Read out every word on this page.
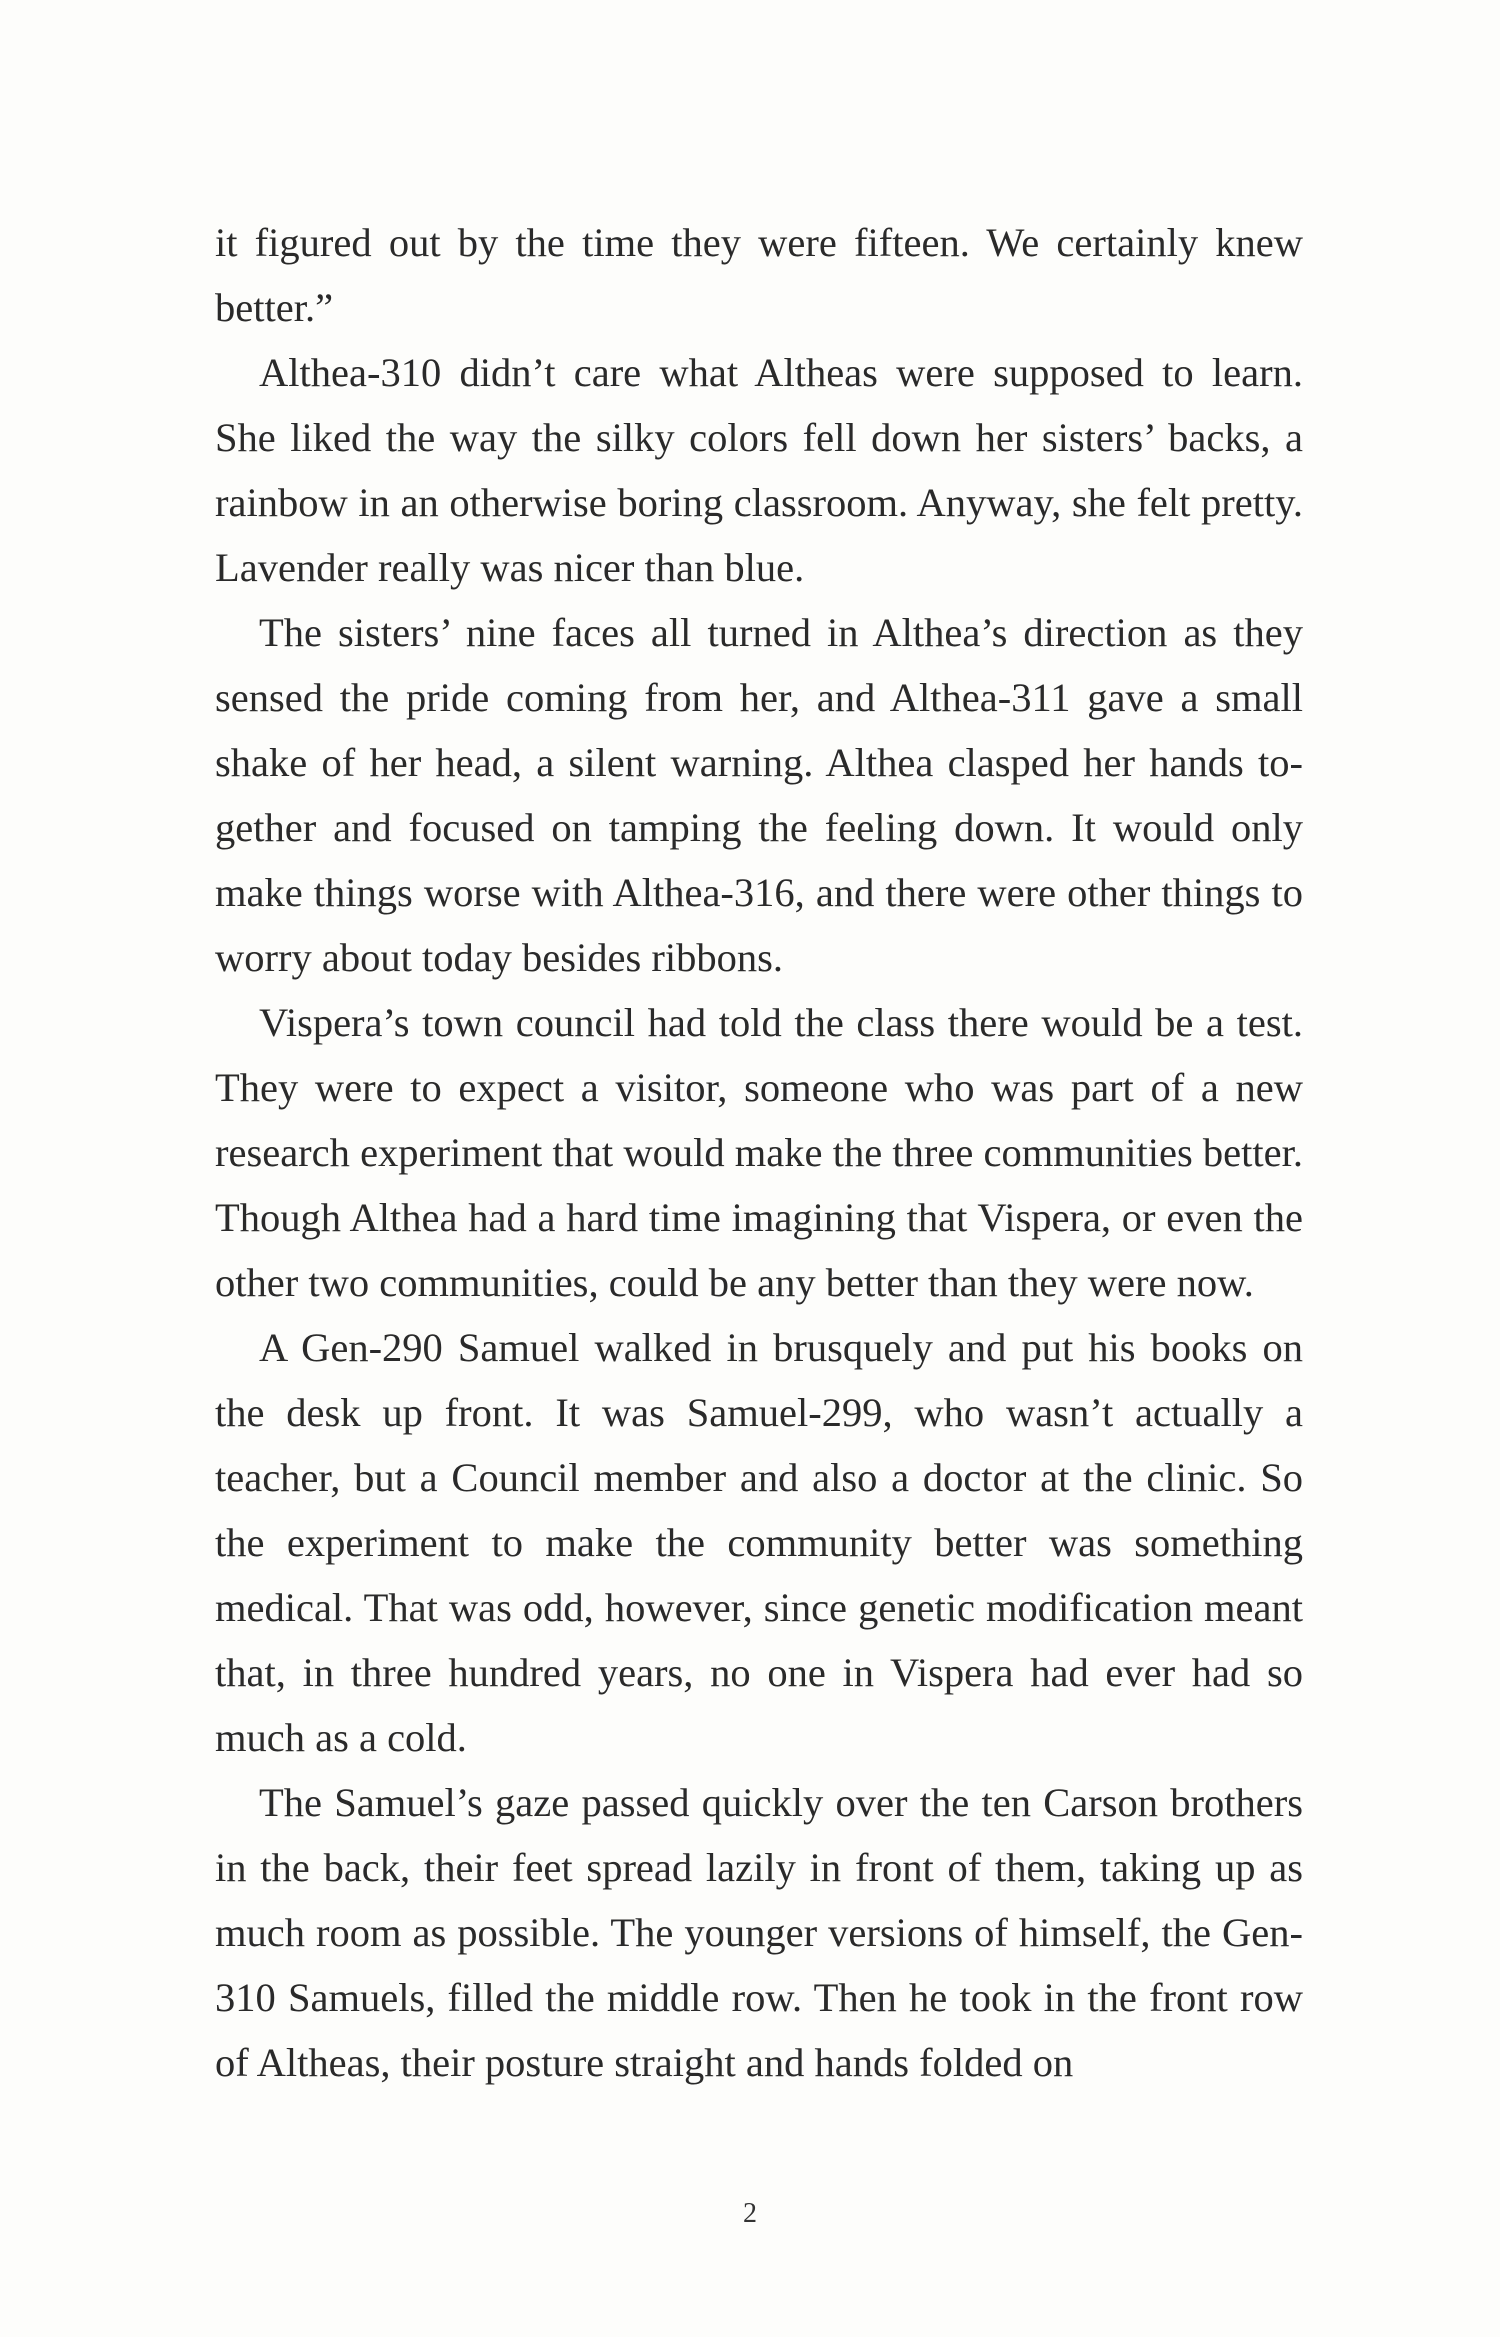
it figured out by the time they were fifteen. We certainly knew better.”

Althea-310 didn’t care what Altheas were supposed to learn. She liked the way the silky colors fell down her sisters’ backs, a rainbow in an otherwise boring classroom. Anyway, she felt pretty. Lavender really was nicer than blue.

The sisters’ nine faces all turned in Althea’s direction as they sensed the pride coming from her, and Althea-311 gave a small shake of her head, a silent warning. Althea clasped her hands together and focused on tamping the feeling down. It would only make things worse with Althea-316, and there were other things to worry about today besides ribbons.

Vispera’s town council had told the class there would be a test. They were to expect a visitor, someone who was part of a new research experiment that would make the three communities better. Though Althea had a hard time imagining that Vispera, or even the other two communities, could be any better than they were now.

A Gen-290 Samuel walked in brusquely and put his books on the desk up front. It was Samuel-299, who wasn’t actually a teacher, but a Council member and also a doctor at the clinic. So the experiment to make the community better was something medical. That was odd, however, since genetic modification meant that, in three hundred years, no one in Vispera had ever had so much as a cold.

The Samuel’s gaze passed quickly over the ten Carson brothers in the back, their feet spread lazily in front of them, taking up as much room as possible. The younger versions of himself, the Gen-310 Samuels, filled the middle row. Then he took in the front row of Altheas, their posture straight and hands folded on

2
